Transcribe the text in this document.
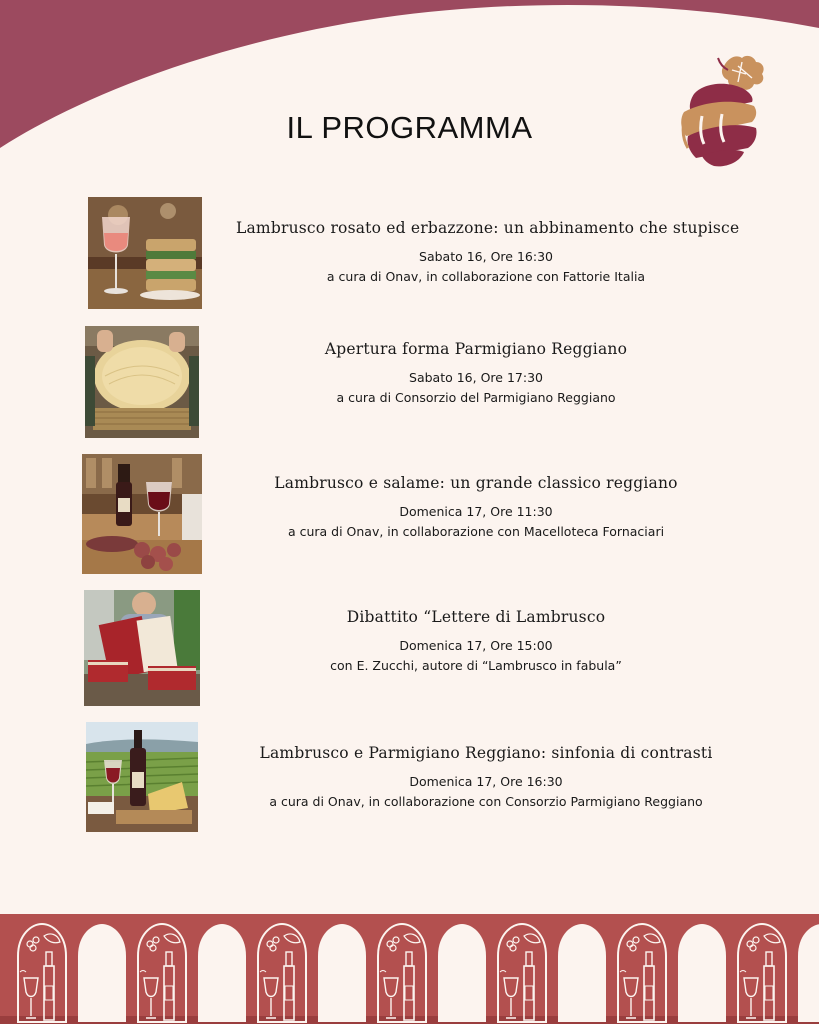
IL PROGRAMMA

Lambrusco rosato ed erbazzone: un abbinamento che stupisce

Sabato 16, Ore 16:30

a cura di Onav, in collaborazione con Fattorie Italia

Apertura forma Parmigiano Reggiano

Sabato 16, Ore 17:30

a cura di Consorzio del Parmigiano Reggiano

Lambrusco e salame: un grande classico reggiano

Domenica 17, Ore 11:30

a cura di Onav, in collaborazione con Macelloteca Fornaciari

Dibattito “Lettere di Lambrusco

Domenica 17, Ore 15:00

con E. Zucchi, autore di “Lambrusco in fabula”

Lambrusco e Parmigiano Reggiano: sinfonia di contrasti

Domenica 17, Ore 16:30

a cura di Onav, in collaborazione con Consorzio Parmigiano Reggiano
